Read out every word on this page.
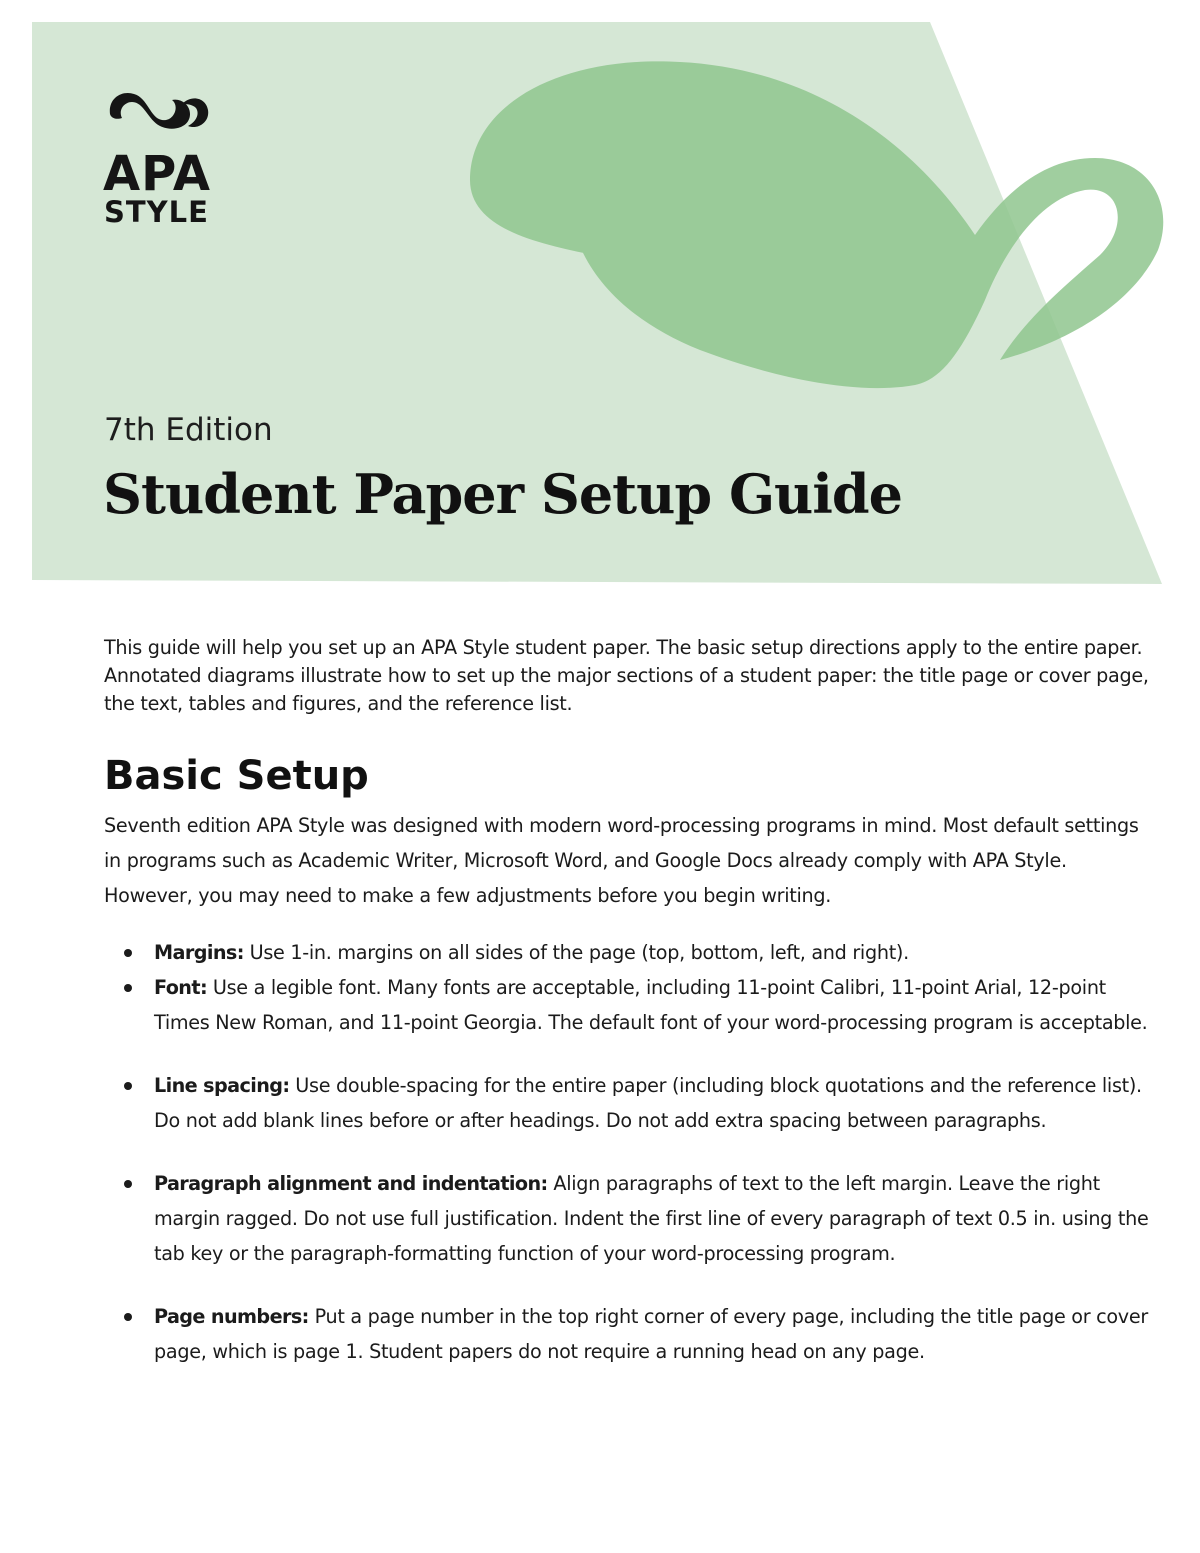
APA
STYLE
7th Edition
Student Paper Setup Guide

This guide will help you set up an APA Style student paper. The basic setup directions apply to the entire paper. Annotated diagrams illustrate how to set up the major sections of a student paper: the title page or cover page, the text, tables and figures, and the reference list.

Basic Setup

Seventh edition APA Style was designed with modern word-processing programs in mind. Most default settings in programs such as Academic Writer, Microsoft Word, and Google Docs already comply with APA Style. However, you may need to make a few adjustments before you begin writing.

Margins: Use 1-in. margins on all sides of the page (top, bottom, left, and right).
Font: Use a legible font. Many fonts are acceptable, including 11-point Calibri, 11-point Arial, 12-point Times New Roman, and 11-point Georgia. The default font of your word-processing program is acceptable.
Line spacing: Use double-spacing for the entire paper (including block quotations and the reference list). Do not add blank lines before or after headings. Do not add extra spacing between paragraphs.
Paragraph alignment and indentation: Align paragraphs of text to the left margin. Leave the right margin ragged. Do not use full justification. Indent the first line of every paragraph of text 0.5 in. using the tab key or the paragraph-formatting function of your word-processing program.
Page numbers: Put a page number in the top right corner of every page, including the title page or cover page, which is page 1. Student papers do not require a running head on any page.
